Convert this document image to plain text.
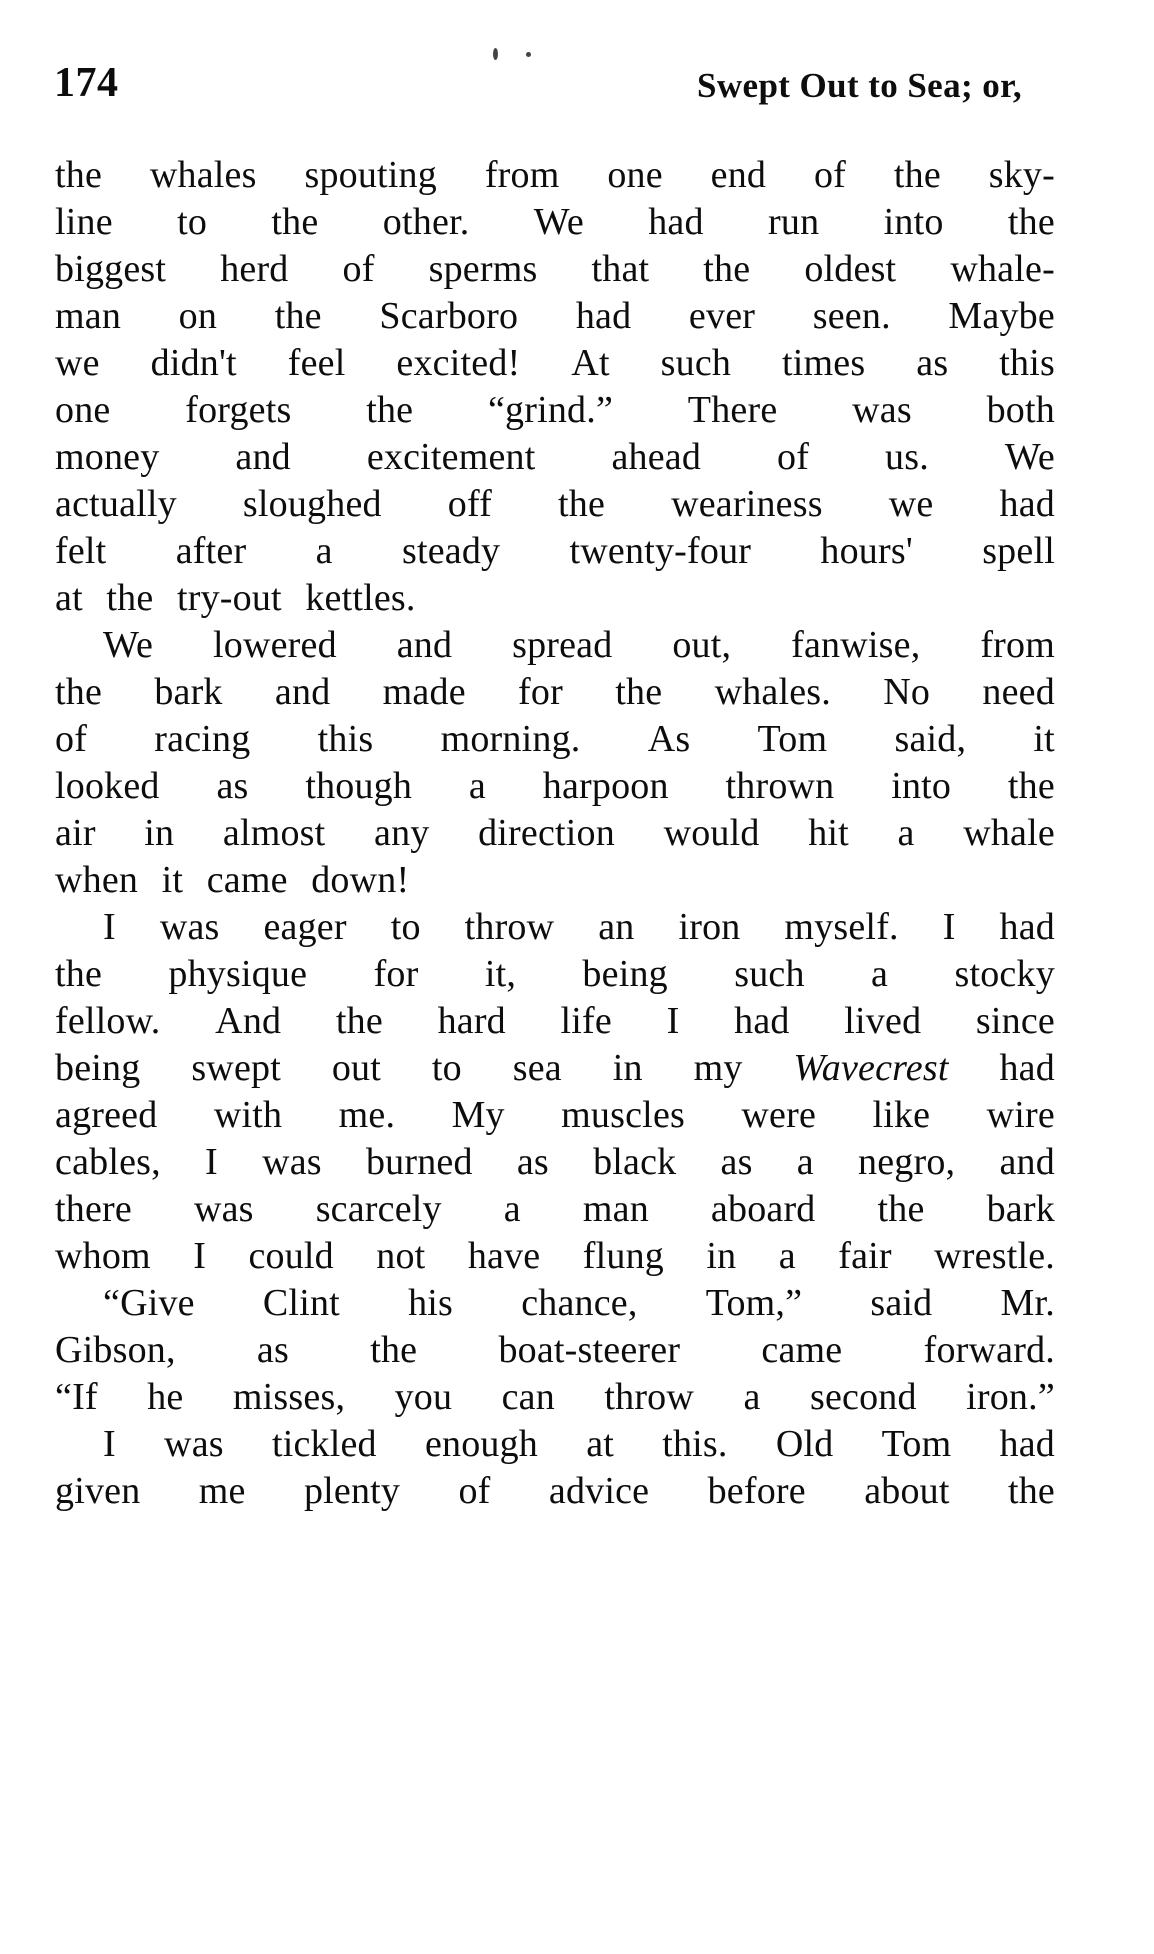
174	Swept Out to Sea; or,
the whales spouting from one end of the sky-
line to the other. We had run into the
biggest herd of sperms that the oldest whale-
man on the Scarboro had ever seen. Maybe
we didn't feel excited! At such times as this
one forgets the “grind.” There was both
money and excitement ahead of us. We
actually sloughed off the weariness we had
felt after a steady twenty-four hours' spell
at the try-out kettles.
We lowered and spread out, fanwise, from
the bark and made for the whales. No need
of racing this morning. As Tom said, it
looked as though a harpoon thrown into the
air in almost any direction would hit a whale
when it came down!
I was eager to throw an iron myself. I had
the physique for it, being such a stocky
fellow. And the hard life I had lived since
being swept out to sea in my Wavecrest had
agreed with me. My muscles were like wire
cables, I was burned as black as a negro, and
there was scarcely a man aboard the bark
whom I could not have flung in a fair wrestle.
“Give Clint his chance, Tom,” said Mr.
Gibson, as the boat-steerer came forward.
“If he misses, you can throw a second iron.”
I was tickled enough at this. Old Tom had
given me plenty of advice before about the
